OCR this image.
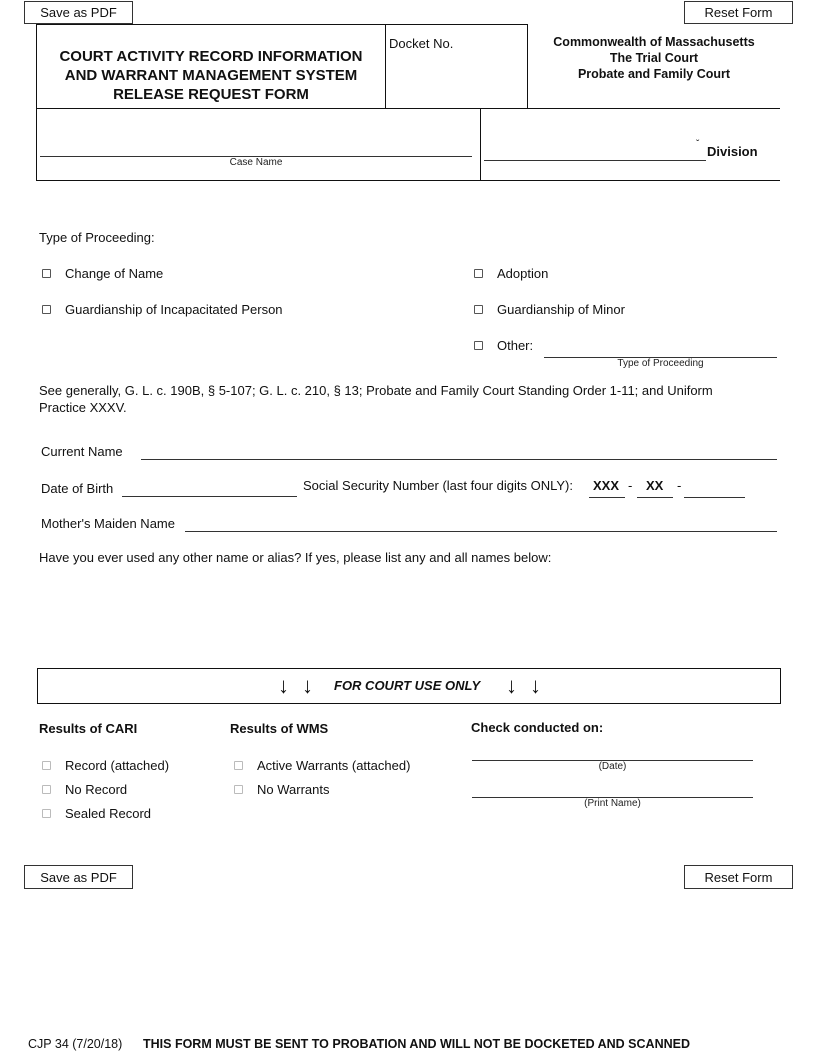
Save as PDF	Reset Form
COURT ACTIVITY RECORD INFORMATION
AND WARRANT MANAGEMENT SYSTEM
RELEASE REQUEST FORM
Docket No.	Commonwealth of Massachusetts
The Trial Court
Probate and Family Court
Case Name
ˇ Division
Type of Proceeding:
Change of Name	Adoption
Guardianship of Incapacitated Person	Guardianship of Minor
Other:
Type of Proceeding
See generally, G. L. c. 190B, § 5-107; G. L. c. 210, § 13; Probate and Family Court Standing Order 1-11; and Uniform
Practice XXXV.
Current Name
Date of Birth	Social Security Number (last four digits ONLY): XXX - XX -
Mother's Maiden Name
Have you ever used any other name or alias? If yes, please list any and all names below:
↓ ↓ FOR COURT USE ONLY ↓ ↓
Results of CARI
Record (attached)
No Record
Sealed Record
Results of WMS
Active Warrants (attached)
No Warrants
Check conducted on:
(Date)
(Print Name)
Save as PDF	Reset Form
CJP 34 (7/20/18) THIS FORM MUST BE SENT TO PROBATION AND WILL NOT BE DOCKETED AND SCANNED
